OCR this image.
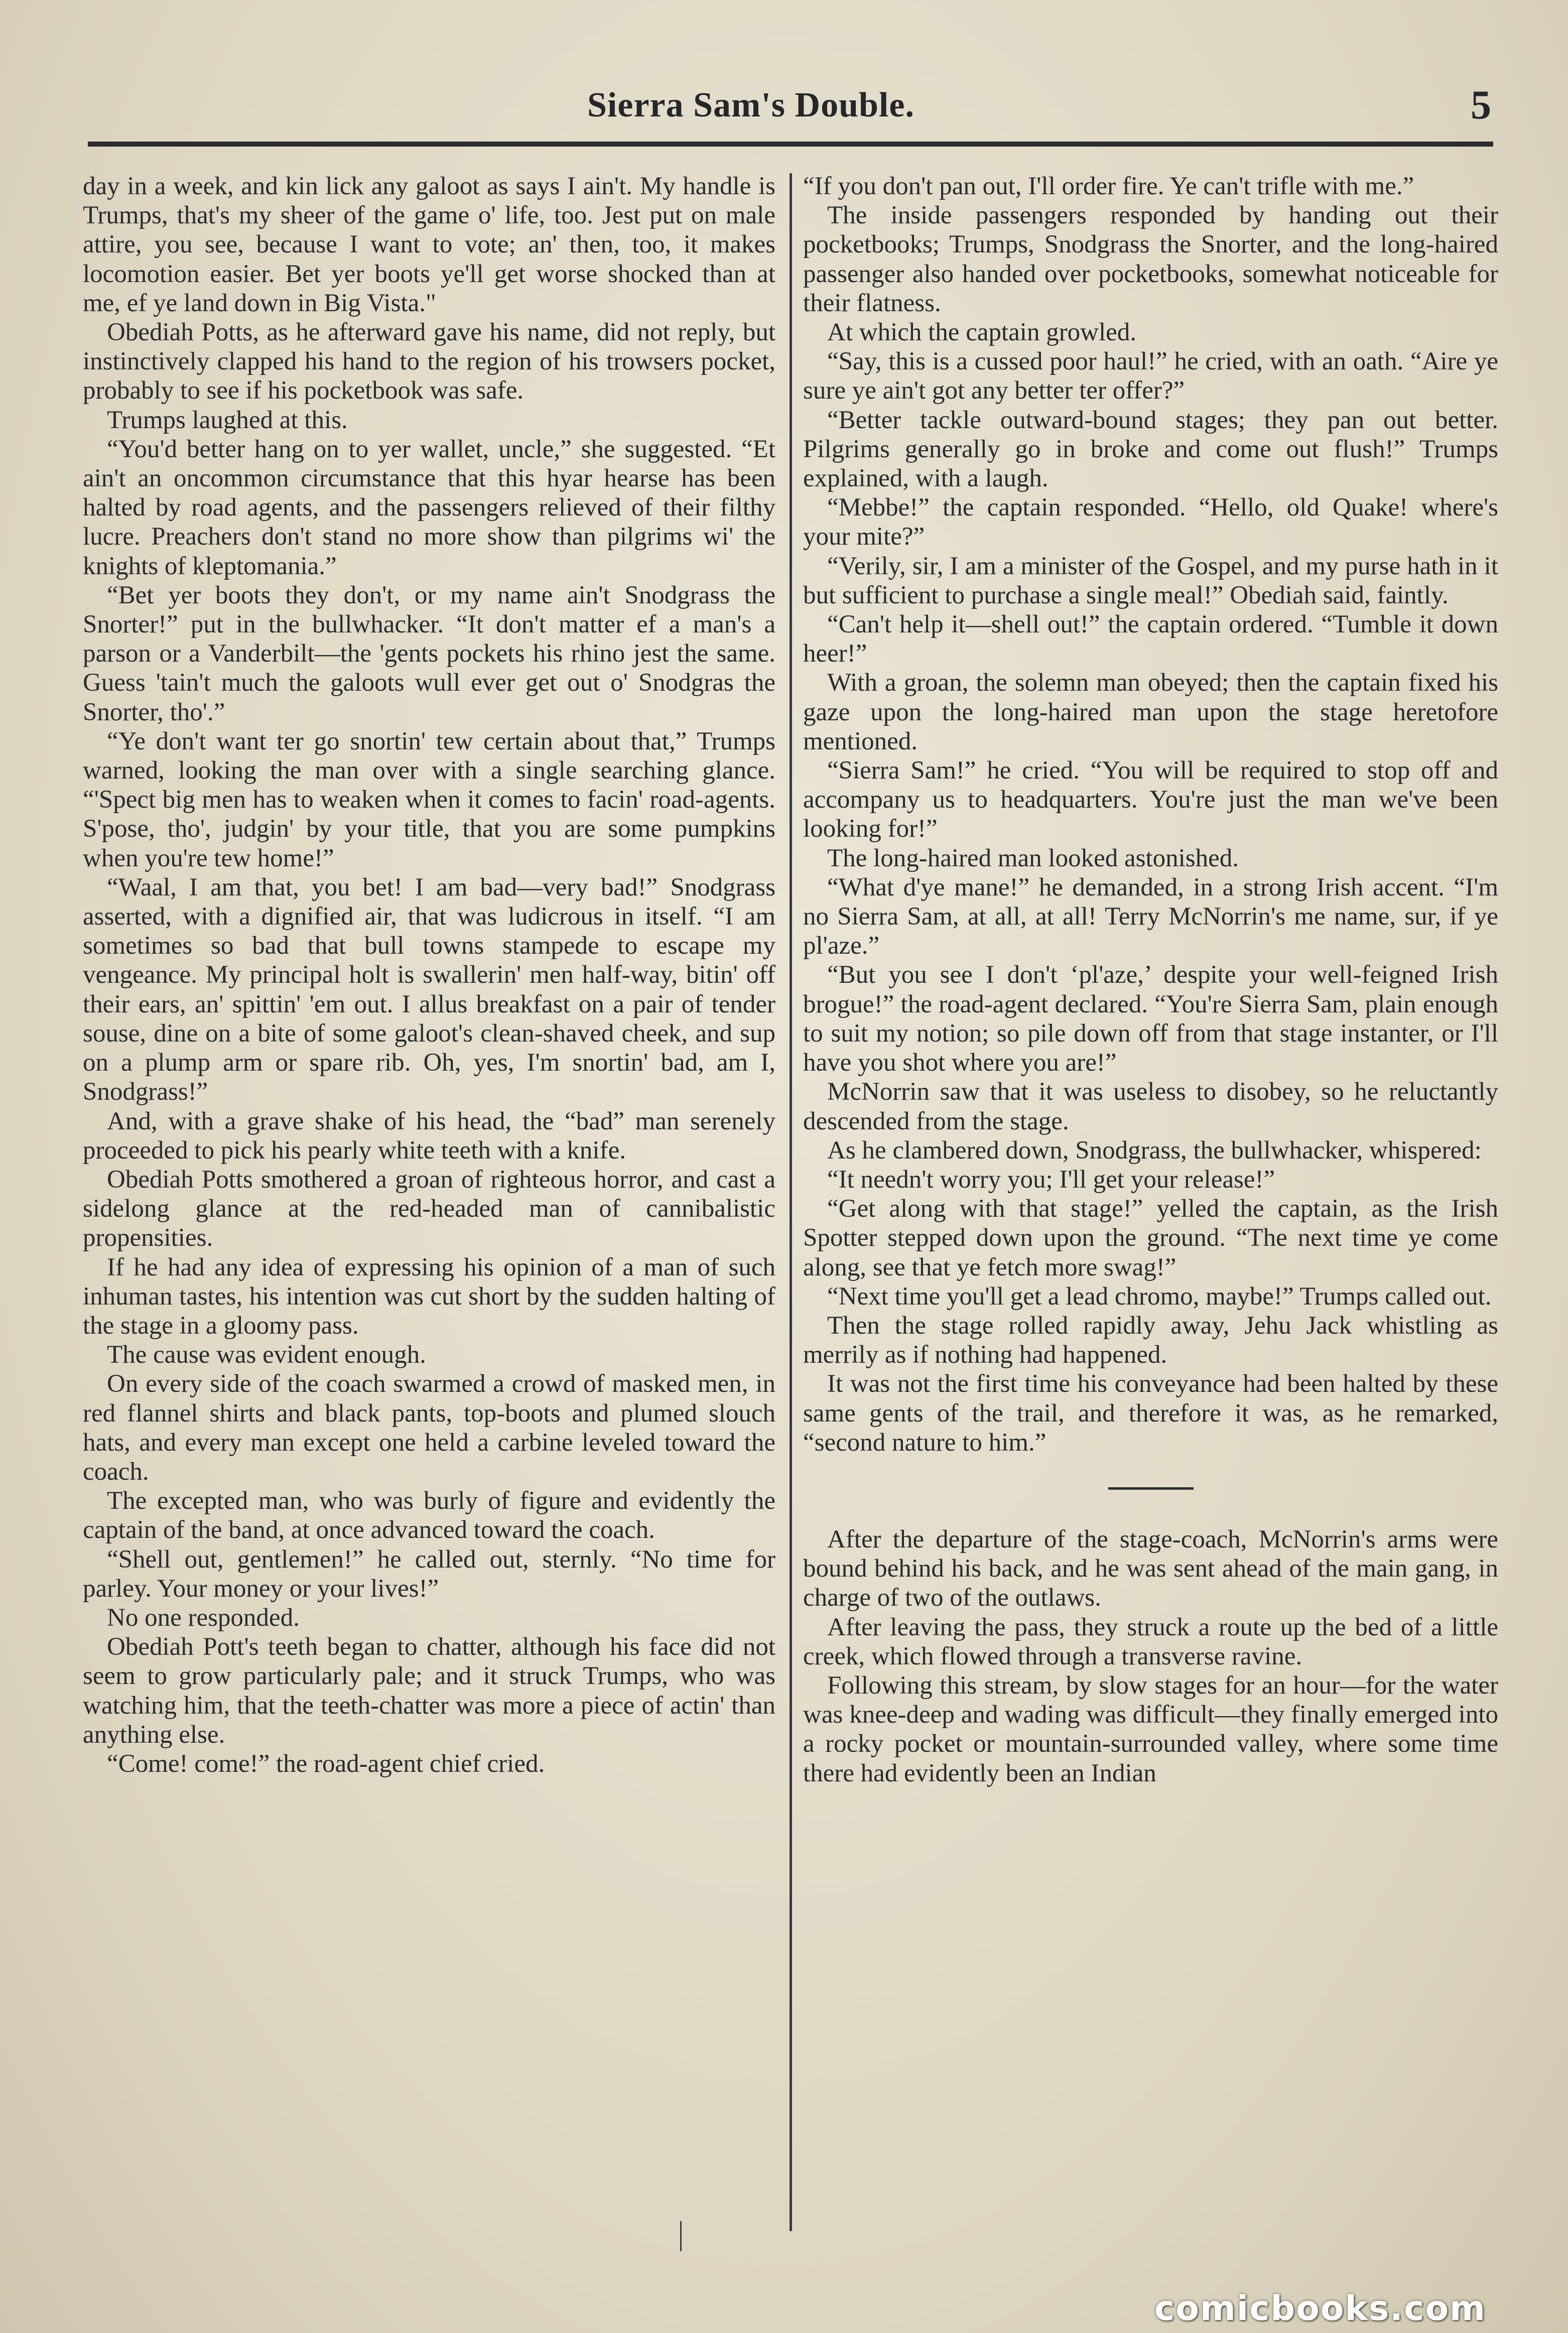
Sierra Sam's Double.	5

day in a week, and kin lick any galoot as says I ain't. My handle is Trumps, that's my sheer of the game o' life, too. Jest put on male attire, you see, because I want to vote; an' then, too, it makes locomotion easier. Bet yer boots ye'll get worse shocked than at me, ef ye land down in Big Vista."

Obediah Potts, as he afterward gave his name, did not reply, but instinctively clapped his hand to the region of his trowsers pocket, probably to see if his pocketbook was safe.

Trumps laughed at this.

“You'd better hang on to yer wallet, uncle,” she suggested. “Et ain't an oncommon circumstance that this hyar hearse has been halted by road agents, and the passengers relieved of their filthy lucre. Preachers don't stand no more show than pilgrims wi' the knights of kleptomania.”

“Bet yer boots they don't, or my name ain't Snodgrass the Snorter!” put in the bullwhacker. “It don't matter ef a man's a parson or a Vanderbilt—the 'gents pockets his rhino jest the same. Guess 'tain't much the galoots wull ever get out o' Snodgras the Snorter, tho'.”

“Ye don't want ter go snortin' tew certain about that,” Trumps warned, looking the man over with a single searching glance. “'Spect big men has to weaken when it comes to facin' road-agents. S'pose, tho', judgin' by your title, that you are some pumpkins when you're tew home!”

“Waal, I am that, you bet! I am bad—very bad!” Snodgrass asserted, with a dignified air, that was ludicrous in itself. “I am sometimes so bad that bull towns stampede to escape my vengeance. My principal holt is swallerin' men half-way, bitin' off their ears, an' spittin' 'em out. I allus breakfast on a pair of tender souse, dine on a bite of some galoot's clean-shaved cheek, and sup on a plump arm or spare rib. Oh, yes, I'm snortin' bad, am I, Snodgrass!”

And, with a grave shake of his head, the “bad” man serenely proceeded to pick his pearly white teeth with a knife.

Obediah Potts smothered a groan of righteous horror, and cast a sidelong glance at the red-headed man of cannibalistic propensities.

If he had any idea of expressing his opinion of a man of such inhuman tastes, his intention was cut short by the sudden halting of the stage in a gloomy pass.

The cause was evident enough.

On every side of the coach swarmed a crowd of masked men, in red flannel shirts and black pants, top-boots and plumed slouch hats, and every man except one held a carbine leveled toward the coach.

The excepted man, who was burly of figure and evidently the captain of the band, at once advanced toward the coach.

“Shell out, gentlemen!” he called out, sternly. “No time for parley. Your money or your lives!”

No one responded.

Obediah Pott's teeth began to chatter, although his face did not seem to grow particularly pale; and it struck Trumps, who was watching him, that the teeth-chatter was more a piece of actin' than anything else.

“Come! come!” the road-agent chief cried.

“If you don't pan out, I'll order fire. Ye can't trifle with me.”

The inside passengers responded by handing out their pocketbooks; Trumps, Snodgrass the Snorter, and the long-haired passenger also handed over pocketbooks, somewhat noticeable for their flatness.

At which the captain growled.

“Say, this is a cussed poor haul!” he cried, with an oath. “Aire ye sure ye ain't got any better ter offer?”

“Better tackle outward-bound stages; they pan out better. Pilgrims generally go in broke and come out flush!” Trumps explained, with a laugh.

“Mebbe!” the captain responded. “Hello, old Quake! where's your mite?”

“Verily, sir, I am a minister of the Gospel, and my purse hath in it but sufficient to purchase a single meal!” Obediah said, faintly.

“Can't help it—shell out!” the captain ordered. “Tumble it down heer!”

With a groan, the solemn man obeyed; then the captain fixed his gaze upon the long-haired man upon the stage heretofore mentioned.

“Sierra Sam!” he cried. “You will be required to stop off and accompany us to headquarters. You're just the man we've been looking for!”

The long-haired man looked astonished.

“What d'ye mane!” he demanded, in a strong Irish accent. “I'm no Sierra Sam, at all, at all! Terry McNorrin's me name, sur, if ye pl'aze.”

“But you see I don't ‘pl'aze,’ despite your well-feigned Irish brogue!” the road-agent declared. “You're Sierra Sam, plain enough to suit my notion; so pile down off from that stage instanter, or I'll have you shot where you are!”

McNorrin saw that it was useless to disobey, so he reluctantly descended from the stage.

As he clambered down, Snodgrass, the bullwhacker, whispered:

“It needn't worry you; I'll get your release!”

“Get along with that stage!” yelled the captain, as the Irish Spotter stepped down upon the ground. “The next time ye come along, see that ye fetch more swag!”

“Next time you'll get a lead chromo, maybe!” Trumps called out.

Then the stage rolled rapidly away, Jehu Jack whistling as merrily as if nothing had happened.

It was not the first time his conveyance had been halted by these same gents of the trail, and therefore it was, as he remarked, “second nature to him.”

After the departure of the stage-coach, McNorrin's arms were bound behind his back, and he was sent ahead of the main gang, in charge of two of the outlaws.

After leaving the pass, they struck a route up the bed of a little creek, which flowed through a transverse ravine.

Following this stream, by slow stages for an hour—for the water was knee-deep and wading was difficult—they finally emerged into a rocky pocket or mountain-surrounded valley, where some time there had evidently been an Indian

comicbooks.com
